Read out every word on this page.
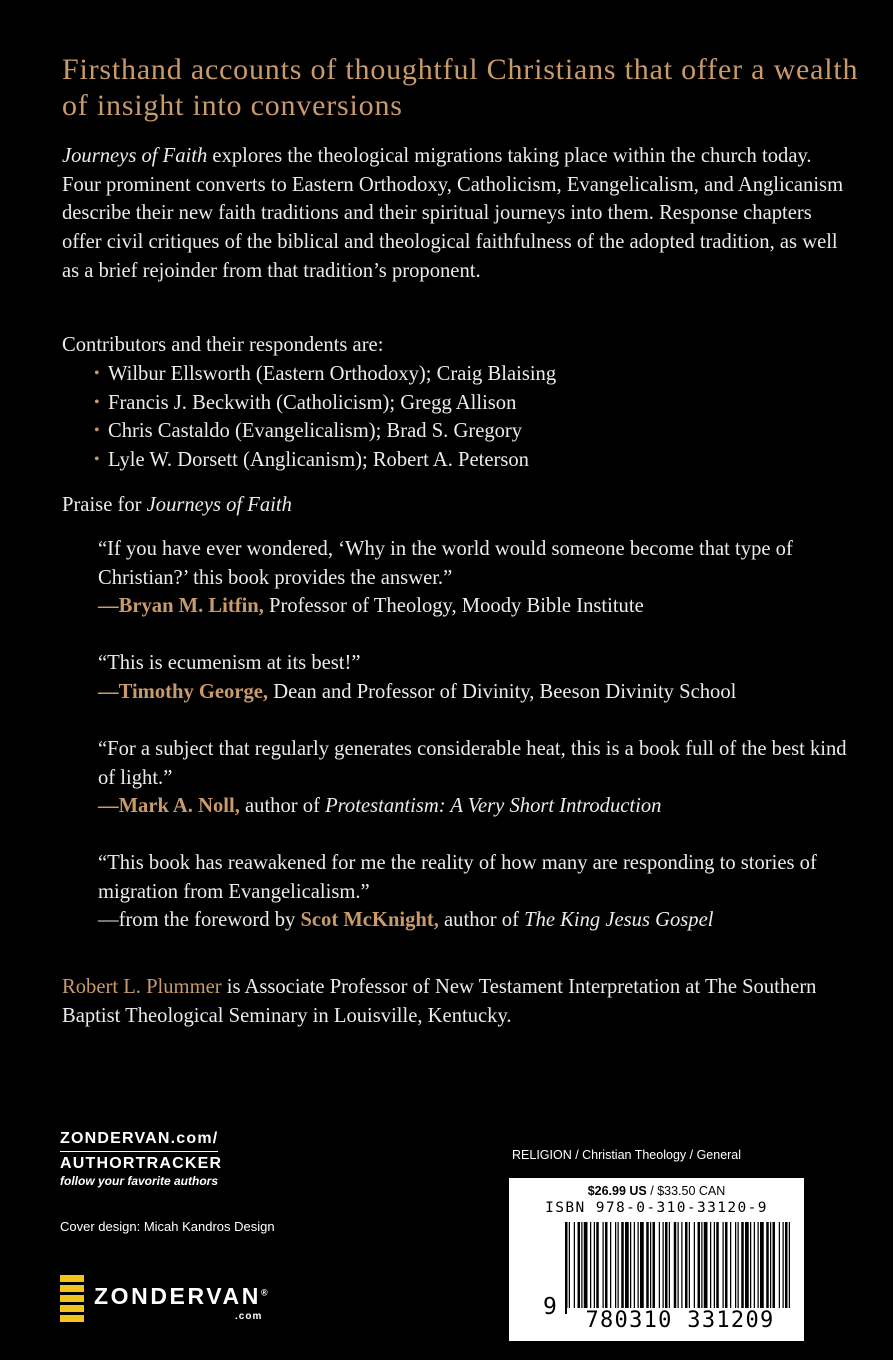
Firsthand accounts of thoughtful Christians that offer a wealth of insight into conversions

Journeys of Faith explores the theological migrations taking place within the church today. Four prominent converts to Eastern Orthodoxy, Catholicism, Evangelicalism, and Anglicanism describe their new faith traditions and their spiritual journeys into them. Response chapters offer civil critiques of the biblical and theological faithfulness of the adopted tradition, as well as a brief rejoinder from that tradition’s proponent.

Contributors and their respondents are:

• Wilbur Ellsworth (Eastern Orthodoxy); Craig Blaising
• Francis J. Beckwith (Catholicism); Gregg Allison
• Chris Castaldo (Evangelicalism); Brad S. Gregory
• Lyle W. Dorsett (Anglicanism); Robert A. Peterson

Praise for Journeys of Faith

“If you have ever wondered, ‘Why in the world would someone become that type of Christian?’ this book provides the answer.”
—Bryan M. Litfin, Professor of Theology, Moody Bible Institute

“This is ecumenism at its best!”
—Timothy George, Dean and Professor of Divinity, Beeson Divinity School

“For a subject that regularly generates considerable heat, this is a book full of the best kind of light.”
—Mark A. Noll, author of Protestantism: A Very Short Introduction

“This book has reawakened for me the reality of how many are responding to stories of migration from Evangelicalism.”
—from the foreword by Scot McKnight, author of The King Jesus Gospel

Robert L. Plummer is Associate Professor of New Testament Interpretation at The Southern Baptist Theological Seminary in Louisville, Kentucky.

ZONDERVAN.com/
AUTHORTRACKER
follow your favorite authors
Cover design: Micah Kandros Design
ZONDERVAN®
.com
RELIGION / Christian Theology / General
$26.99 US / $33.50 CAN
ISBN 978-0-310-33120-9
9
780310 331209
